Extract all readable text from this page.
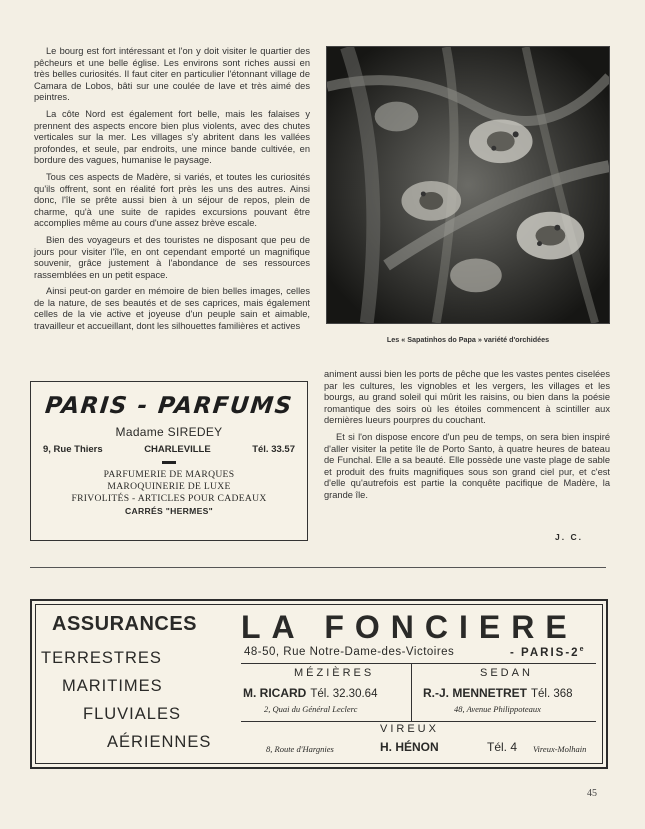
Le bourg est fort intéressant et l'on y doit visiter le quartier des pêcheurs et une belle église. Les environs sont riches aussi en très belles curiosités. Il faut citer en particulier l'étonnant village de Camara de Lobos, bâti sur une coulée de lave et très aimé des peintres.

La côte Nord est également fort belle, mais les falaises y prennent des aspects encore bien plus violents, avec des chutes verticales sur la mer. Les villages s'y abritent dans les vallées profondes, et seule, par endroits, une mince bande cultivée, en bordure des vagues, humanise le paysage.

Tous ces aspects de Madère, si variés, et toutes les curiosités qu'ils offrent, sont en réalité fort près les uns des autres. Ainsi donc, l'île se prête aussi bien à un séjour de repos, plein de charme, qu'à une suite de rapides excursions pouvant être accomplies même au cours d'une assez brève escale.

Bien des voyageurs et des touristes ne disposant que peu de jours pour visiter l'île, en ont cependant emporté un magnifique souvenir, grâce justement à l'abondance de ses ressources rassemblées en un petit espace.

Ainsi peut-on garder en mémoire de bien belles images, celles de la nature, de ses beautés et de ses caprices, mais également celles de la vie active et joyeuse d'un peuple sain et aimable, travailleur et accueillant, dont les silhouettes familières et actives

Les « Sapatinhos do Papa » variété d'orchidées

animent aussi bien les ports de pêche que les vastes pentes ciselées par les cultures, les vignobles et les vergers, les villages et les bourgs, au grand soleil qui mûrit les raisins, ou bien dans la poésie romantique des soirs où les étoiles commencent à scintiller aux dernières lueurs pourpres du couchant.

Et si l'on dispose encore d'un peu de temps, on sera bien inspiré d'aller visiter la petite île de Porto Santo, à quatre heures de bateau de Funchal. Elle a sa beauté. Elle possède une vaste plage de sable et produit des fruits magnifiques sous son grand ciel pur, et c'est d'elle qu'autrefois est partie la conquête pacifique de Madère, la grande île.

J. C.
PARIS - PARFUMS
Madame SIREDEY
9, Rue Thiers	CHARLEVILLE	Tél. 33.57
PARFUMERIE DE MARQUES
MAROQUINERIE DE LUXE
FRIVOLITÉS - ARTICLES POUR CADEAUX
CARRÉS "HERMES"
ASSURANCES
TERRESTRES
MARITIMES
FLUVIALES
AÉRIENNES
LA FONCIERE
48-50, Rue Notre-Dame-des-Victoires	- PARIS-2e
MÉZIÈRES
M. RICARD Tél. 32.30.64
2, Quai du Général Leclerc
SEDAN
R.-J. MENNETRET Tél. 368
48, Avenue Philippoteaux
VIREUX
8, Route d'Hargnies	H. HÉNON	Tél. 4 Vireux-Molhain
45
